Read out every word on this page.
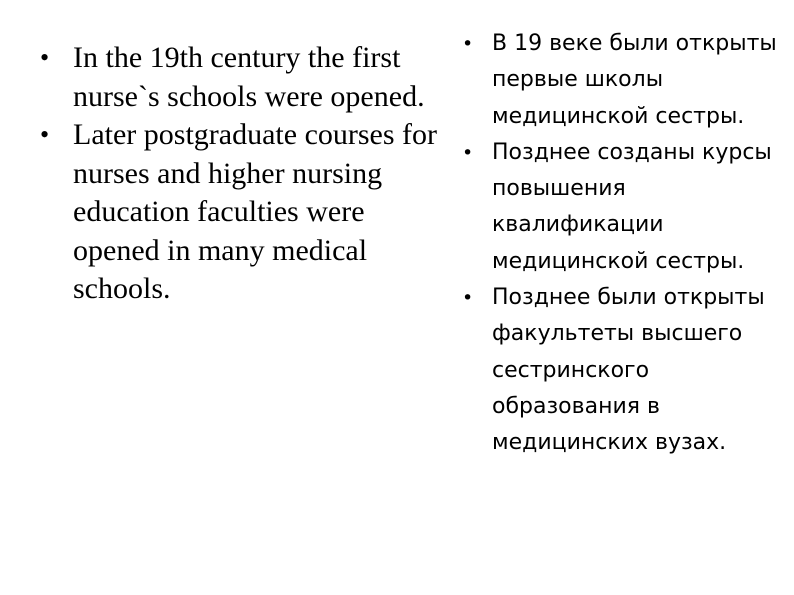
• In the 19th century the first nurse`s schools were opened.
• Later postgraduate courses for nurses and higher nursing education faculties were opened in many medical schools.
• В 19 веке были открыты первые школы медицинской сестры.
• Позднее созданы курсы повышения квалификации медицинской сестры.
• Позднее были открыты факультеты высшего сестринского образования в медицинских вузах.
